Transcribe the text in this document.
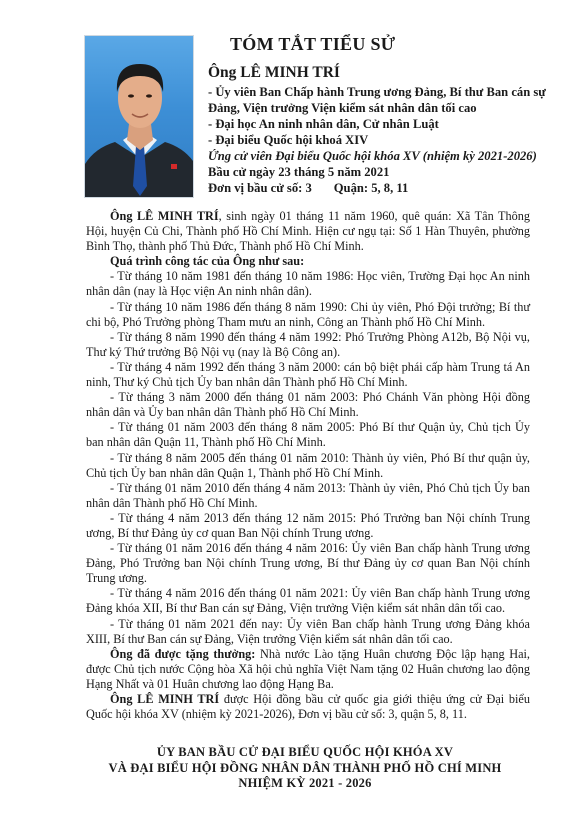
TÓM TẮT TIỂU SỬ
Ông LÊ MINH TRÍ
- Ủy viên Ban Chấp hành Trung ương Đảng, Bí thư Ban cán sự Đảng, Viện trưởng Viện kiểm sát nhân dân tối cao
- Đại học An ninh nhân dân, Cử nhân Luật
- Đại biểu Quốc hội khoá XIV
Ứng cử viên Đại biểu Quốc hội khóa XV (nhiệm kỳ 2021-2026)
Bầu cử ngày 23 tháng 5 năm 2021
Đơn vị bầu cử số: 3 Quận: 5, 8, 11

Ông LÊ MINH TRÍ, sinh ngày 01 tháng 11 năm 1960, quê quán: Xã Tân Thông Hội, huyện Củ Chi, Thành phố Hồ Chí Minh. Hiện cư ngụ tại: Số 1 Hàn Thuyên, phường Bình Thọ, thành phố Thủ Đức, Thành phố Hồ Chí Minh.

Quá trình công tác của Ông như sau:

- Từ tháng 10 năm 1981 đến tháng 10 năm 1986: Học viên, Trường Đại học An ninh nhân dân (nay là Học viện An ninh nhân dân).

- Từ tháng 10 năm 1986 đến tháng 8 năm 1990: Chi ủy viên, Phó Đội trưởng; Bí thư chi bộ, Phó Trưởng phòng Tham mưu an ninh, Công an Thành phố Hồ Chí Minh.

- Từ tháng 8 năm 1990 đến tháng 4 năm 1992: Phó Trưởng Phòng A12b, Bộ Nội vụ, Thư ký Thứ trưởng Bộ Nội vụ (nay là Bộ Công an).

- Từ tháng 4 năm 1992 đến tháng 3 năm 2000: cán bộ biệt phái cấp hàm Trung tá An ninh, Thư ký Chủ tịch Ủy ban nhân dân Thành phố Hồ Chí Minh.

- Từ tháng 3 năm 2000 đến tháng 01 năm 2003: Phó Chánh Văn phòng Hội đồng nhân dân và Ủy ban nhân dân Thành phố Hồ Chí Minh.

- Từ tháng 01 năm 2003 đến tháng 8 năm 2005: Phó Bí thư Quận ủy, Chủ tịch Ủy ban nhân dân Quận 11, Thành phố Hồ Chí Minh.

- Từ tháng 8 năm 2005 đến tháng 01 năm 2010: Thành ủy viên, Phó Bí thư quận ủy, Chủ tịch Ủy ban nhân dân Quận 1, Thành phố Hồ Chí Minh.

- Từ tháng 01 năm 2010 đến tháng 4 năm 2013: Thành ủy viên, Phó Chủ tịch Ủy ban nhân dân Thành phố Hồ Chí Minh.

- Từ tháng 4 năm 2013 đến tháng 12 năm 2015: Phó Trưởng ban Nội chính Trung ương, Bí thư Đảng ủy cơ quan Ban Nội chính Trung ương.

- Từ tháng 01 năm 2016 đến tháng 4 năm 2016: Ủy viên Ban chấp hành Trung ương Đảng, Phó Trưởng ban Nội chính Trung ương, Bí thư Đảng ủy cơ quan Ban Nội chính Trung ương.

- Từ tháng 4 năm 2016 đến tháng 01 năm 2021: Ủy viên Ban chấp hành Trung ương Đảng khóa XII, Bí thư Ban cán sự Đảng, Viện trưởng Viện kiểm sát nhân dân tối cao.

- Từ tháng 01 năm 2021 đến nay: Ủy viên Ban chấp hành Trung ương Đảng khóa XIII, Bí thư Ban cán sự Đảng, Viện trưởng Viện kiểm sát nhân dân tối cao.

Ông đã được tặng thưởng: Nhà nước Lào tặng Huân chương Độc lập hạng Hai, được Chủ tịch nước Cộng hòa Xã hội chủ nghĩa Việt Nam tặng 02 Huân chương lao động Hạng Nhất và 01 Huân chương lao động Hạng Ba.

Ông LÊ MINH TRÍ được Hội đồng bầu cử quốc gia giới thiệu ứng cử Đại biểu Quốc hội khóa XV (nhiệm kỳ 2021-2026), Đơn vị bầu cử số: 3, quận 5, 8, 11.

ỦY BAN BẦU CỬ ĐẠI BIỂU QUỐC HỘI KHÓA XV
VÀ ĐẠI BIỂU HỘI ĐỒNG NHÂN DÂN THÀNH PHỐ HỒ CHÍ MINH
NHIỆM KỲ 2021 - 2026
